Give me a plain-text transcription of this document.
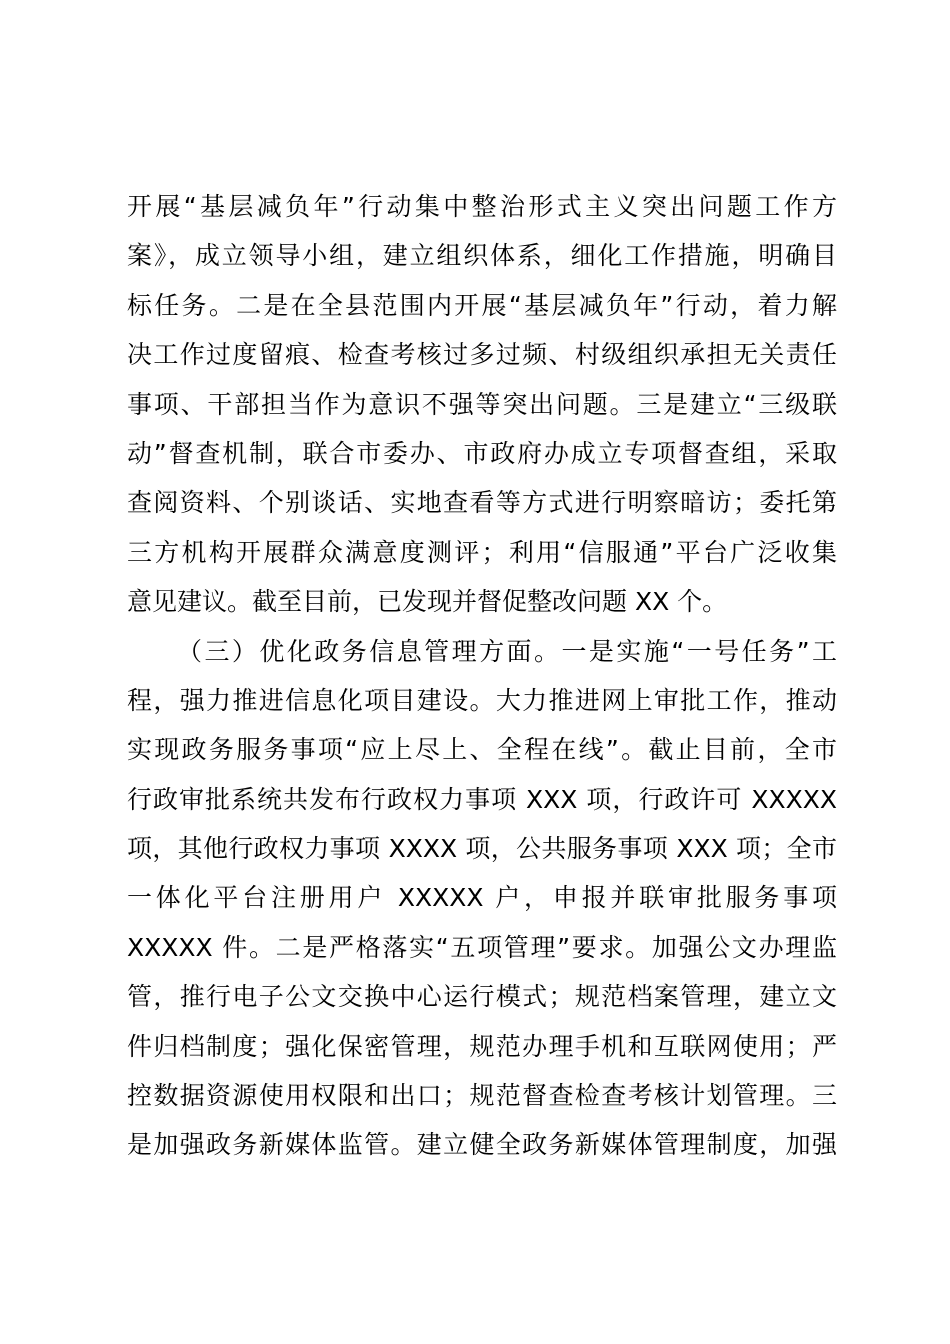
开展“基层减负年”行动集中整治形式主义突出问题工作方
案》，成立领导小组，建立组织体系，细化工作措施，明确目
标任务。二是在全县范围内开展“基层减负年”行动，着力解
决工作过度留痕、检查考核过多过频、村级组织承担无关责任
事项、干部担当作为意识不强等突出问题。三是建立“三级联
动”督查机制，联合市委办、市政府办成立专项督查组，采取
查阅资料、个别谈话、实地查看等方式进行明察暗访；委托第
三方机构开展群众满意度测评；利用“信服通”平台广泛收集
意见建议。截至目前，已发现并督促整改问题 XX 个。
（三）优化政务信息管理方面。一是实施“一号任务”工
程，强力推进信息化项目建设。大力推进网上审批工作，推动
实现政务服务事项“应上尽上、全程在线”。截止目前，全市
行政审批系统共发布行政权力事项 XXX 项，行政许可 XXXXX
项，其他行政权力事项 XXXX 项，公共服务事项 XXX 项；全市
一体化平台注册用户 XXXXX 户，申报并联审批服务事项
XXXXX 件。二是严格落实“五项管理”要求。加强公文办理监
管，推行电子公文交换中心运行模式；规范档案管理，建立文
件归档制度；强化保密管理，规范办理手机和互联网使用；严
控数据资源使用权限和出口；规范督查检查考核计划管理。三
是加强政务新媒体监管。建立健全政务新媒体管理制度，加强
